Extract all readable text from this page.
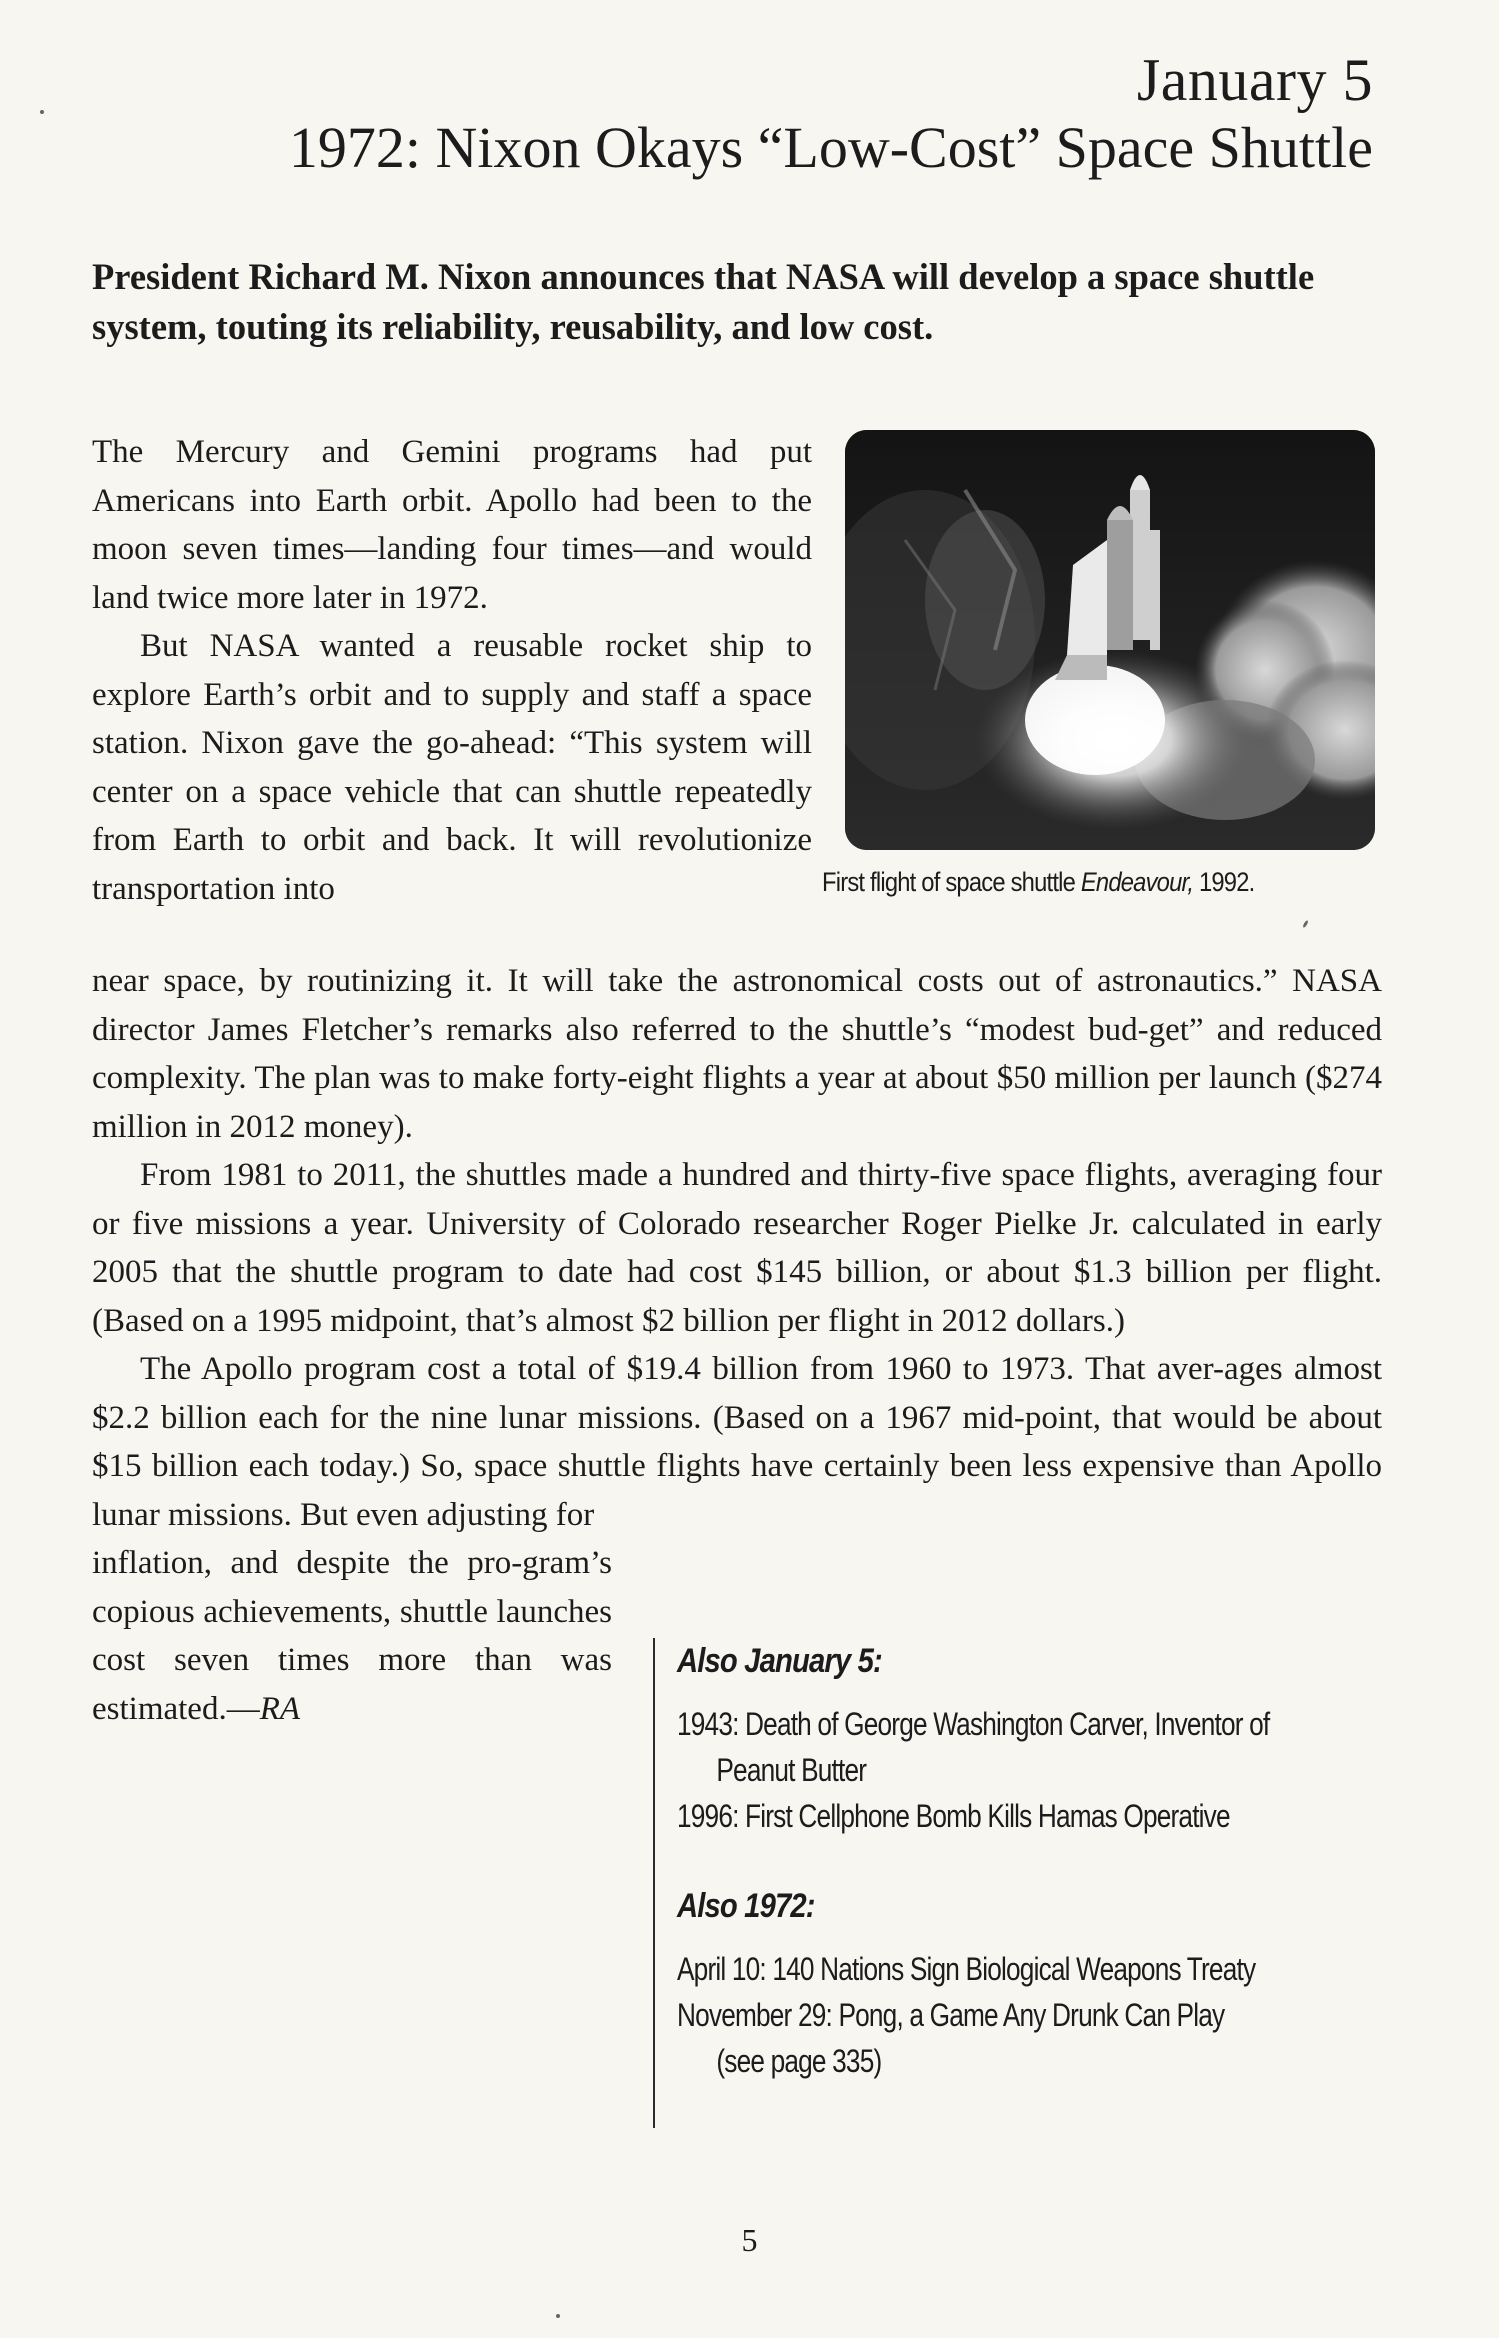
January 5
1972: Nixon Okays “Low-Cost” Space Shuttle
President Richard M. Nixon announces that NASA will develop a space shuttle system, touting its reliability, reusability, and low cost.
First flight of space shuttle Endeavour, 1992.

The Mercury and Gemini programs had put Americans into Earth orbit. Apollo had been to the moon seven times—landing four times—and would land twice more later in 1972.

But NASA wanted a reusable rocket ship to explore Earth’s orbit and to supply and staff a space station. Nixon gave the go-ahead: “This system will center on a space vehicle that can shuttle repeatedly from Earth to orbit and back. It will revolutionize transportation into

near space, by routinizing it. It will take the astronomical costs out of astronautics.” NASA director James Fletcher’s remarks also referred to the shuttle’s “modest bud-get” and reduced complexity. The plan was to make forty-eight flights a year at about $50 million per launch ($274 million in 2012 money).

From 1981 to 2011, the shuttles made a hundred and thirty-five space flights, averaging four or five missions a year. University of Colorado researcher Roger Pielke Jr. calculated in early 2005 that the shuttle program to date had cost $145 billion, or about $1.3 billion per flight. (Based on a 1995 midpoint, that’s almost $2 billion per flight in 2012 dollars.)

The Apollo program cost a total of $19.4 billion from 1960 to 1973. That aver-ages almost $2.2 billion each for the nine lunar missions. (Based on a 1967 mid-point, that would be about $15 billion each today.) So, space shuttle flights have certainly been less expensive than Apollo lunar missions. But even adjusting for

inflation, and despite the pro-gram’s copious achievements, shuttle launches cost seven times more than was estimated.—RA

Also January 5:
1943: Death of George Washington Carver, Inventor of
Peanut Butter
1996: First Cellphone Bomb Kills Hamas Operative
Also 1972:
April 10: 140 Nations Sign Biological Weapons Treaty
November 29: Pong, a Game Any Drunk Can Play
(see page 335)
5
